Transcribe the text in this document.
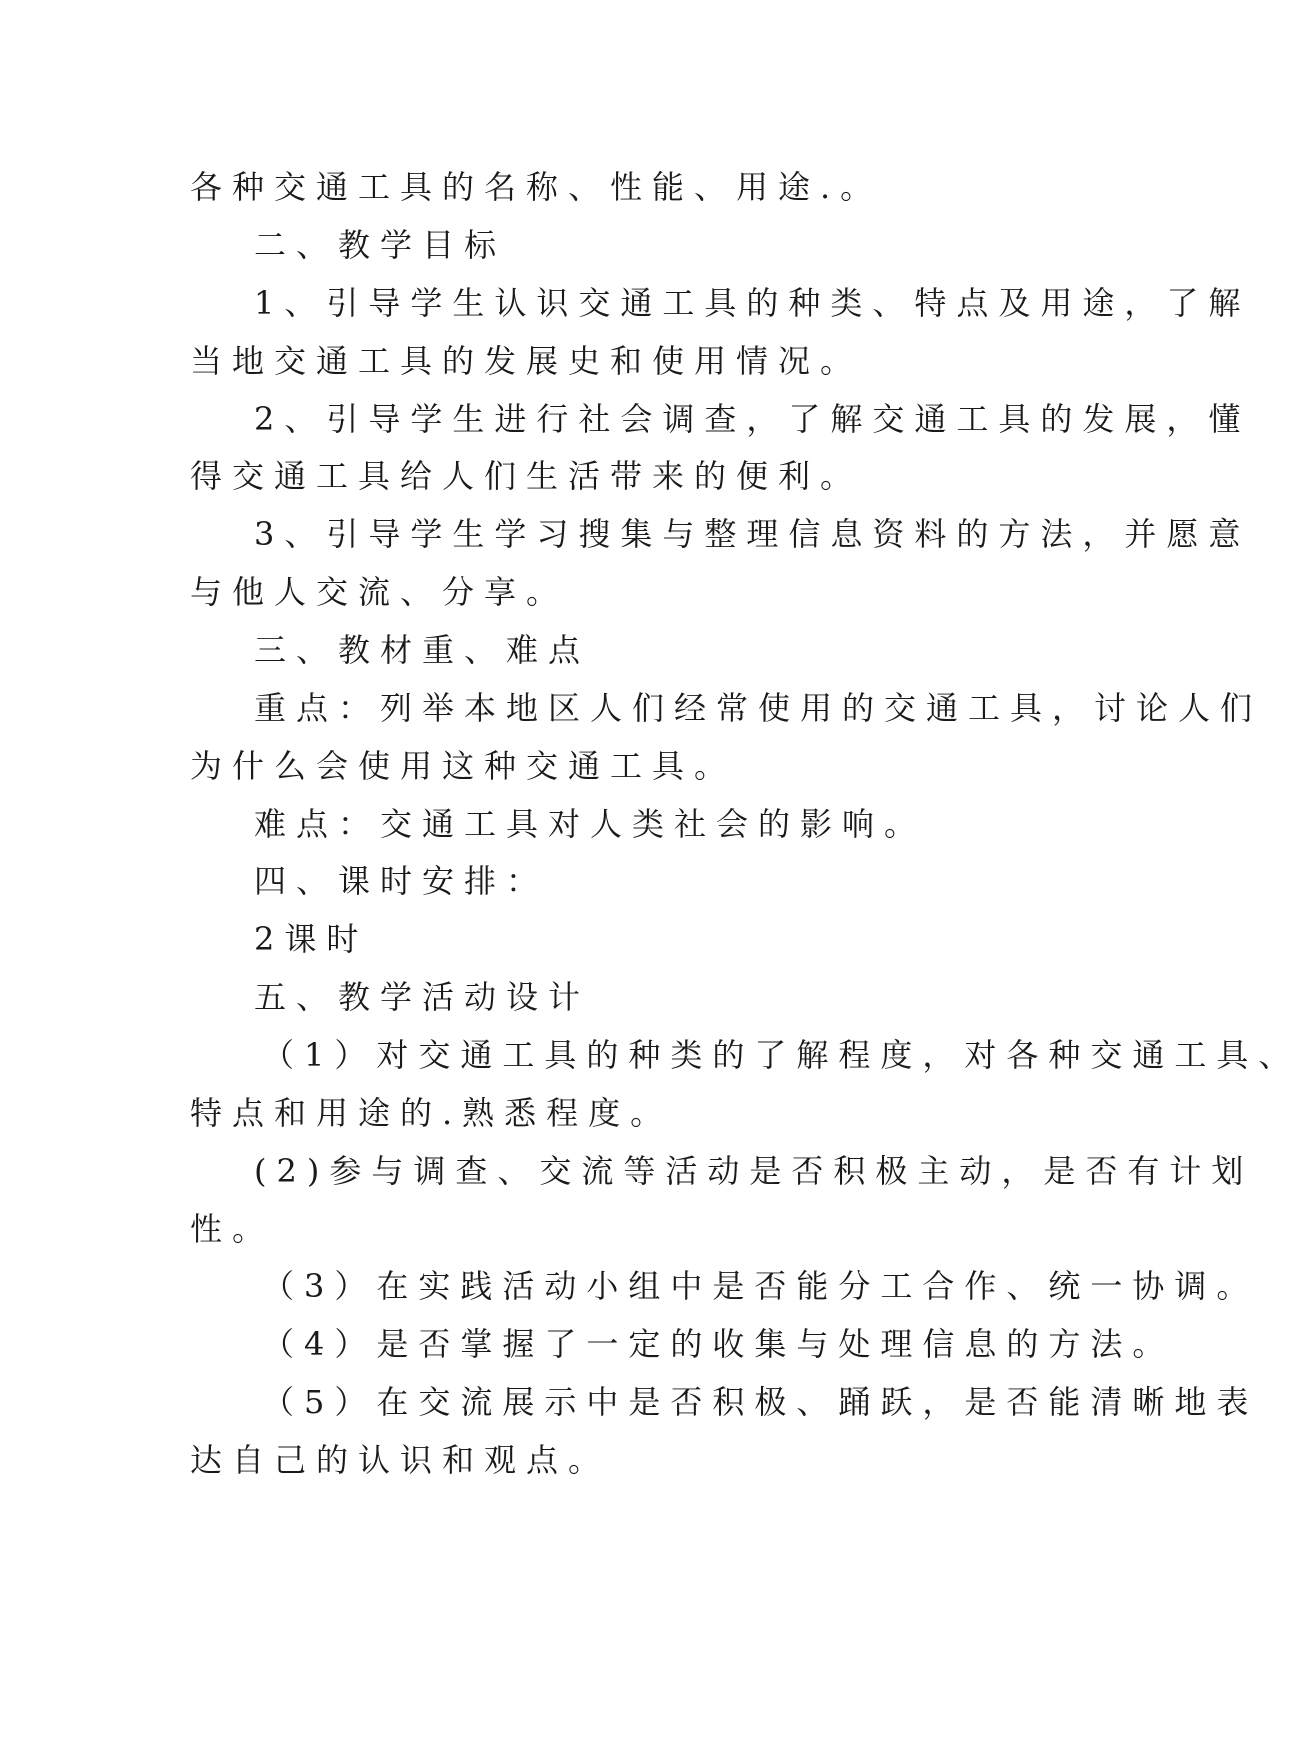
各种交通工具的名称、性能、用途.。
二、教学目标
1、引导学生认识交通工具的种类、特点及用途，了解
当地交通工具的发展史和使用情况。
2、引导学生进行社会调查，了解交通工具的发展，懂
得交通工具给人们生活带来的便利。
3、引导学生学习搜集与整理信息资料的方法，并愿意
与他人交流、分享。
三、教材重、难点
重点：列举本地区人们经常使用的交通工具，讨论人们
为什么会使用这种交通工具。
难点：交通工具对人类社会的影响。
四、课时安排：
2课时
五、教学活动设计
（1）对交通工具的种类的了解程度，对各种交通工具、
特点和用途的.熟悉程度。
(2)参与调查、交流等活动是否积极主动，是否有计划
性。
（3）在实践活动小组中是否能分工合作、统一协调。
（4）是否掌握了一定的收集与处理信息的方法。
（5）在交流展示中是否积极、踊跃，是否能清晰地表
达自己的认识和观点。
